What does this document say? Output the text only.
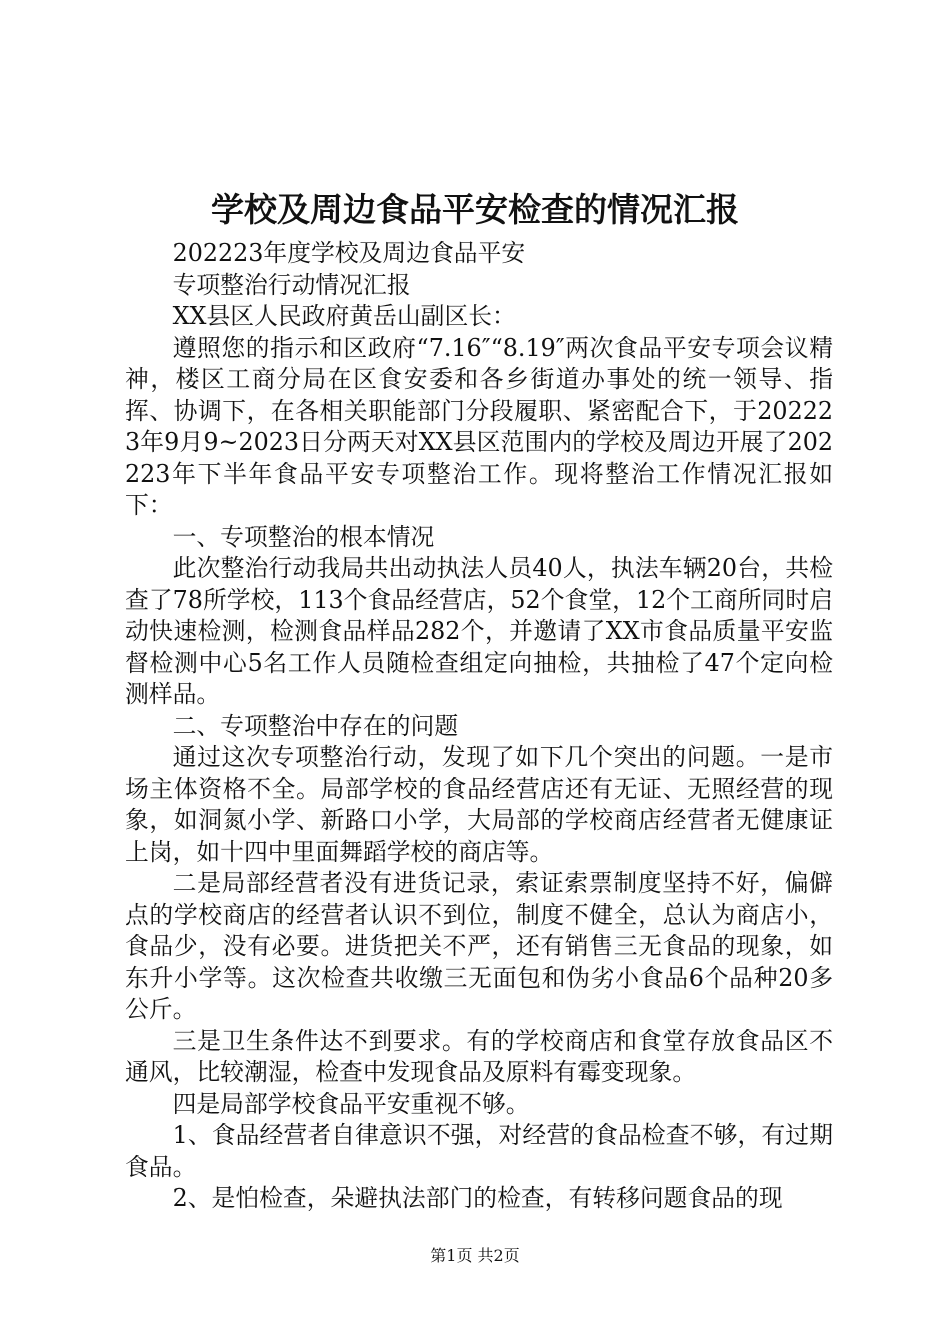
学校及周边食品平安检查的情况汇报

202223年度学校及周边食品平安

专项整治行动情况汇报

XX县区人民政府黄岳山副区长：

遵照您的指示和区政府“7.16″“8.19″两次食品平安专项会议精神，楼区工商分局在区食安委和各乡街道办事处的统一领导、指挥、协调下，在各相关职能部门分段履职、紧密配合下，于202223年9月9~2023日分两天对XX县区范围内的学校及周边开展了202223年下半年食品平安专项整治工作。现将整治工作情况汇报如下：

一、专项整治的根本情况

此次整治行动我局共出动执法人员40人，执法车辆20台，共检查了78所学校，113个食品经营店，52个食堂，12个工商所同时启动快速检测，检测食品样品282个，并邀请了XX市食品质量平安监督检测中心5名工作人员随检查组定向抽检，共抽检了47个定向检测样品。

二、专项整治中存在的问题

通过这次专项整治行动，发现了如下几个突出的问题。一是市场主体资格不全。局部学校的食品经营店还有无证、无照经营的现象，如洞氮小学、新路口小学，大局部的学校商店经营者无健康证上岗，如十四中里面舞蹈学校的商店等。

二是局部经营者没有进货记录，索证索票制度坚持不好，偏僻点的学校商店的经营者认识不到位，制度不健全，总认为商店小，食品少，没有必要。进货把关不严，还有销售三无食品的现象，如东升小学等。这次检查共收缴三无面包和伪劣小食品6个品种20多公斤。

三是卫生条件达不到要求。有的学校商店和食堂存放食品区不通风，比较潮湿，检查中发现食品及原料有霉变现象。

四是局部学校食品平安重视不够。

1、食品经营者自律意识不强，对经营的食品检查不够，有过期食品。

2、是怕检查，朵避执法部门的检查，有转移问题食品的现

第1页 共2页
